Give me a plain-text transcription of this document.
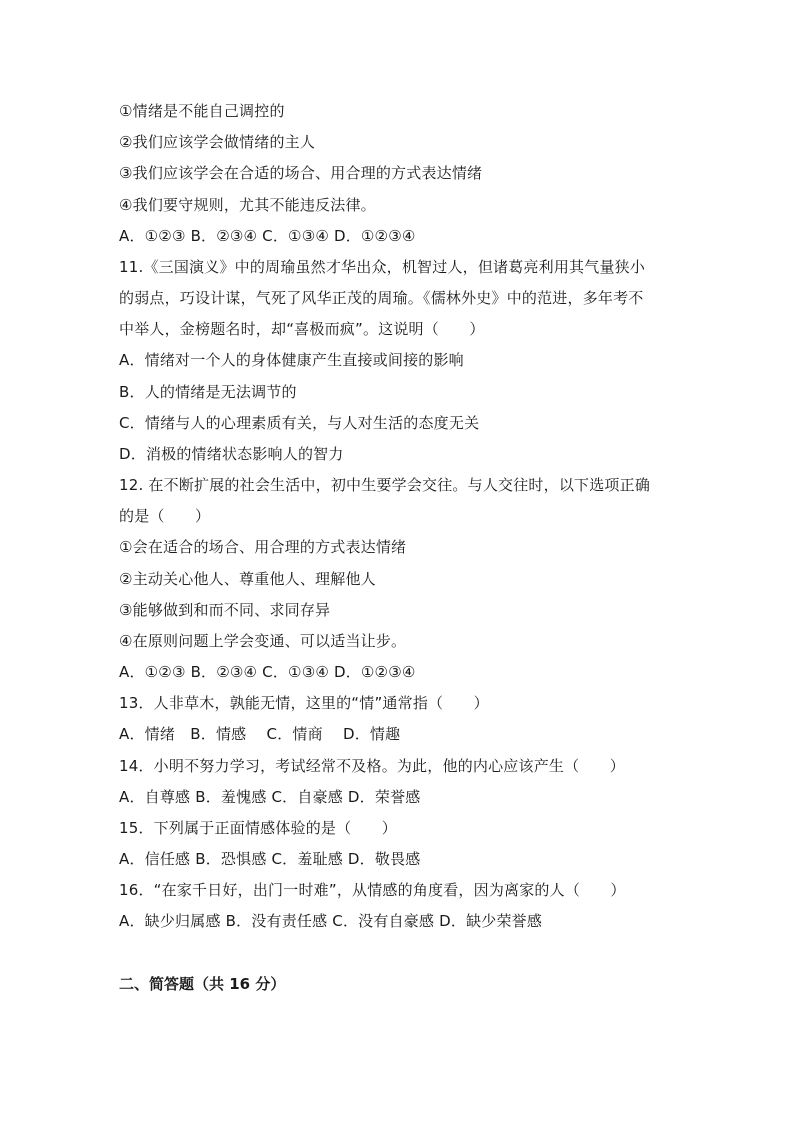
①情绪是不能自己调控的
②我们应该学会做情绪的主人
③我们应该学会在合适的场合、用合理的方式表达情绪
④我们要守规则，尤其不能违反法律。
A．①②③ B．②③④ C．①③④ D．①②③④
11.《三国演义》中的周瑜虽然才华出众，机智过人，但诸葛亮利用其气量狭小
的弱点，巧设计谋，气死了风华正茂的周瑜。《儒林外史》中的范进，多年考不
中举人，金榜题名时，却“喜极而疯”。这说明（　　）
A．情绪对一个人的身体健康产生直接或间接的影响
B．人的情绪是无法调节的
C．情绪与人的心理素质有关，与人对生活的态度无关
D．消极的情绪状态影响人的智力
12. 在不断扩展的社会生活中，初中生要学会交往。与人交往时，以下选项正确
的是（　　）
①会在适合的场合、用合理的方式表达情绪
②主动关心他人、尊重他人、理解他人
③能够做到和而不同、求同存异
④在原则问题上学会变通、可以适当让步。
A．①②③ B．②③④ C．①③④ D．①②③④
13．人非草木，孰能无情，这里的“情”通常指（　　）
A．情绪　B．情感　 C．情商　 D．情趣
14．小明不努力学习，考试经常不及格。为此，他的内心应该产生（　　）
A．自尊感 B．羞愧感 C．自豪感 D．荣誉感
15．下列属于正面情感体验的是（　　）
A．信任感 B．恐惧感 C．羞耻感 D．敬畏感
16．“在家千日好，出门一时难”，从情感的角度看，因为离家的人（　　）
A．缺少归属感 B．没有责任感 C．没有自豪感 D．缺少荣誉感
二、简答题（共 16 分）
